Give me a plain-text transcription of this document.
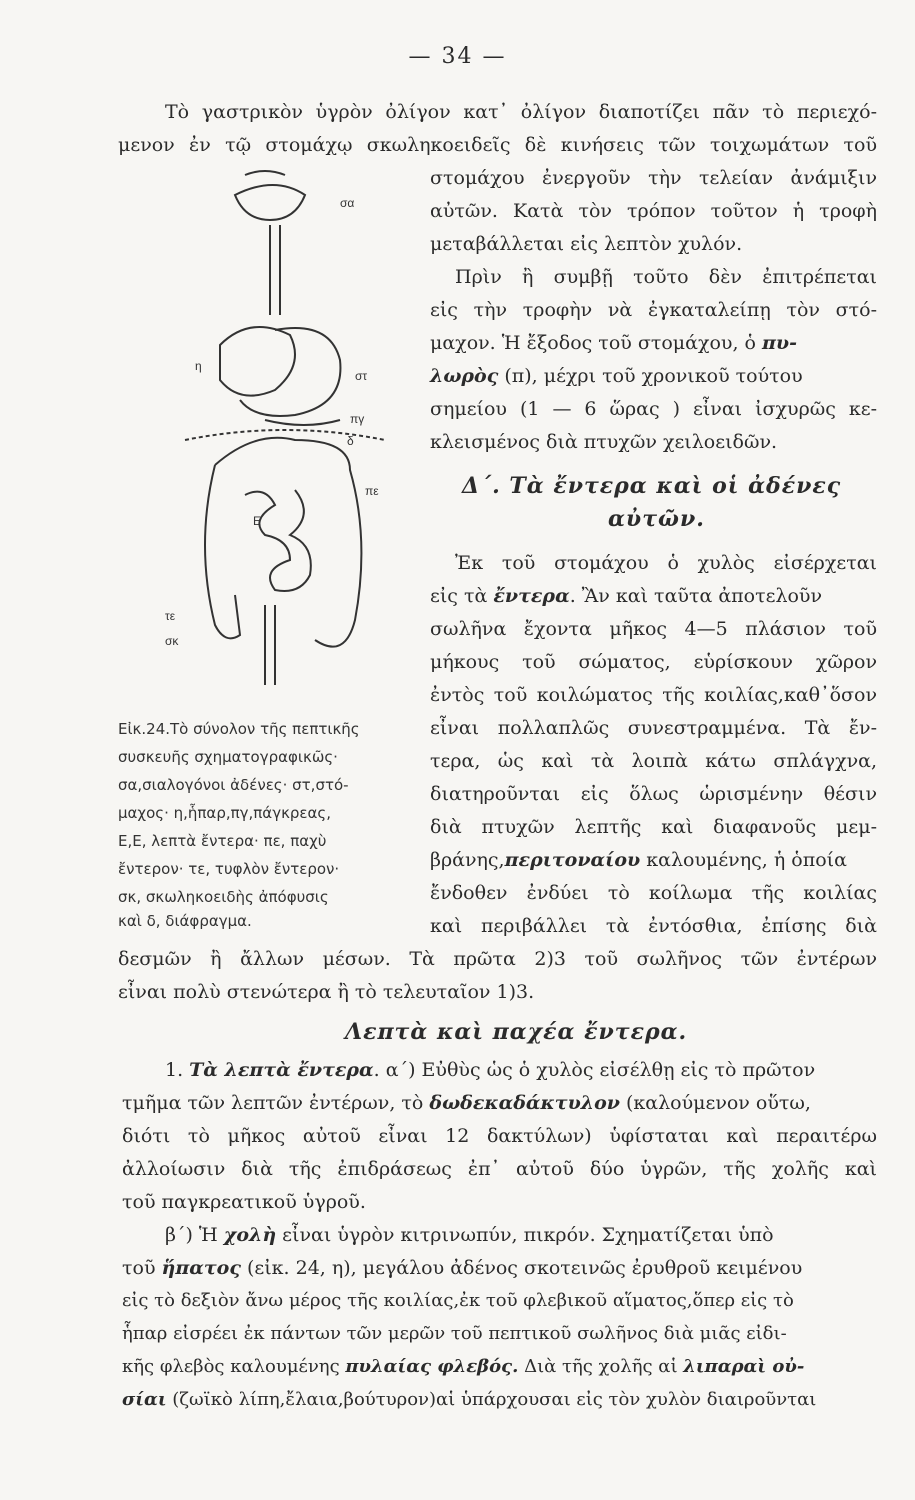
— 34 —
Τὸ γαστρικὸν ὑγρὸν ὀλίγον κατ᾽ ὀλίγον διαποτίζει πᾶν τὸ περιεχό-
μενον ἐν τῷ στομάχῳ σκωληκοειδεῖς δὲ κινήσεις τῶν τοιχωμάτων τοῦ
στομάχου ἐνεργοῦν τὴν τελείαν ἀνάμιξιν
αὐτῶν. Κατὰ τὸν τρόπον τοῦτον ἡ τροφὴ
μεταβάλλεται εἰς λεπτὸν χυλόν.
Πρὶν ἢ συμβῇ τοῦτο δὲν ἐπιτρέπεται
εἰς τὴν τροφὴν νὰ ἐγκαταλείπῃ τὸν στό-
μαχον. Ἡ ἔξοδος τοῦ στομάχου, ὁ πυ-
λωρὸς (π), μέχρι τοῦ χρονικοῦ τούτου
σημείου (1 — 6 ὥρας ) εἶναι ἰσχυρῶς κε-
κλεισμένος διὰ πτυχῶν χειλοειδῶν.
Δ΄. Τὰ ἔντερα καὶ οἱ ἀδένες
αὐτῶν.
Ἐκ τοῦ στομάχου ὁ χυλὸς εἰσέρχεται
εἰς τὰ ἔντερα. Ἂν καὶ ταῦτα ἀποτελοῦν
σωλῆνα ἔχοντα μῆκος 4—5 πλάσιον τοῦ
μήκους τοῦ σώματος, εὑρίσκουν χῶρον
ἐντὸς τοῦ κοιλώματος τῆς κοιλίας,καθ᾽ὅσον
εἶναι πολλαπλῶς συνεστραμμένα. Τὰ ἔν-
τερα, ὡς καὶ τὰ λοιπὰ κάτω σπλάγχνα,
διατηροῦνται εἰς ὅλως ὡρισμένην θέσιν
διὰ πτυχῶν λεπτῆς καὶ διαφανοῦς μεμ-
βράνης,περιτοναίου καλουμένης, ἡ ὁποία
ἔνδοθεν ἐνδύει τὸ κοίλωμα τῆς κοιλίας
καὶ περιβάλλει τὰ ἐντόσθια, ἐπίσης διὰ
δεσμῶν ἢ ἄλλων μέσων. Τὰ πρῶτα 2)3 τοῦ σωλῆνος τῶν ἐντέρων
εἶναι πολὺ στενώτερα ἢ τὸ τελευταῖον 1)3.
Λεπτὰ καὶ παχέα ἔντερα.
1. Τὰ λεπτὰ ἔντερα. α΄) Εὐθὺς ὡς ὁ χυλὸς εἰσέλθῃ εἰς τὸ πρῶτον
τμῆμα τῶν λεπτῶν ἐντέρων, τὸ δωδεκαδάκτυλον (καλούμενον οὕτω,
διότι τὸ μῆκος αὐτοῦ εἶναι 12 δακτύλων) ὑφίσταται καὶ περαιτέρω
ἀλλοίωσιν διὰ τῆς ἐπιδράσεως ἐπ᾽ αὐτοῦ δύο ὑγρῶν, τῆς χολῆς καὶ
τοῦ παγκρεατικοῦ ὑγροῦ.
β΄) Ἡ χολὴ εἶναι ὑγρὸν κιτρινωπύν, πικρόν. Σχηματίζεται ὑπὸ
τοῦ ἥπατος (εἰκ. 24, η), μεγάλου ἀδένος σκοτεινῶς ἐρυθροῦ κειμένου
εἰς τὸ δεξιὸν ἄνω μέρος τῆς κοιλίας,ἐκ τοῦ φλεβικοῦ αἵματος,ὅπερ εἰς τὸ
ἧπαρ εἰσρέει ἐκ πάντων τῶν μερῶν τοῦ πεπτικοῦ σωλῆνος διὰ μιᾶς εἰδι-
κῆς φλεβὸς καλουμένης πυλαίας φλεβός. Διὰ τῆς χολῆς αἱ λιπαραὶ οὐ-
σίαι (ζωϊκὸ λίπη,ἔλαια,βούτυρον)αἱ ὑπάρχουσαι εἰς τὸν χυλὸν διαιροῦνται
σα
στ
η
πγ
Ε
πε
τε
σκ
δ
Εἰκ.24.Τὸ σύνολον τῆς πεπτικῆς
συσκευῆς σχηματογραφικῶς·
σα,σιαλογόνοι ἀδένες· στ,στό-
μαχος· η,ἧπαρ,πγ,πάγκρεας,
Ε,Ε, λεπτὰ ἔντερα· πε, παχὺ
ἔντερον· τε, τυφλὸν ἔντερον·
σκ, σκωληκοειδὴς ἀπόφυσις
καὶ δ, διάφραγμα.
